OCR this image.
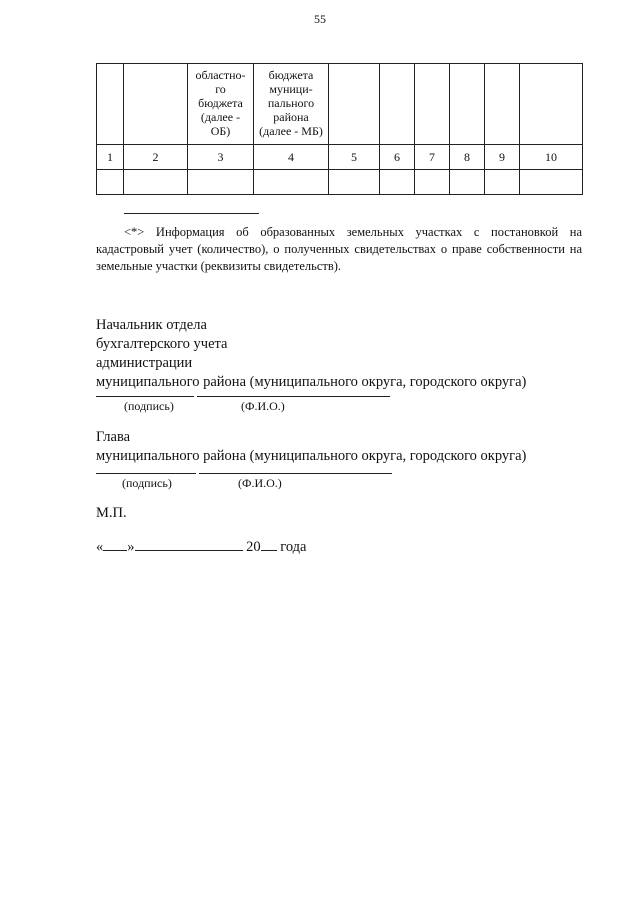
55

		областно-
го
бюджета
(далее -
ОБ)	бюджета
муници-
пального
района
(далее - МБ)						

1	2	3	4	5	6	7	8	9	10

<*> Информация об образованных земельных участках с постановкой на кадастровый учет (количество), о полученных свидетельствах о праве собственности на земельные участки (реквизиты свидетельств).
Начальник отдела
бухгалтерского учета
администрации
муниципального района (муниципального округа, городского округа)
(подпись)	(Ф.И.О.)
Глава
муниципального района (муниципального округа, городского округа)
(подпись)	(Ф.И.О.)
М.П.
« »	20 года
